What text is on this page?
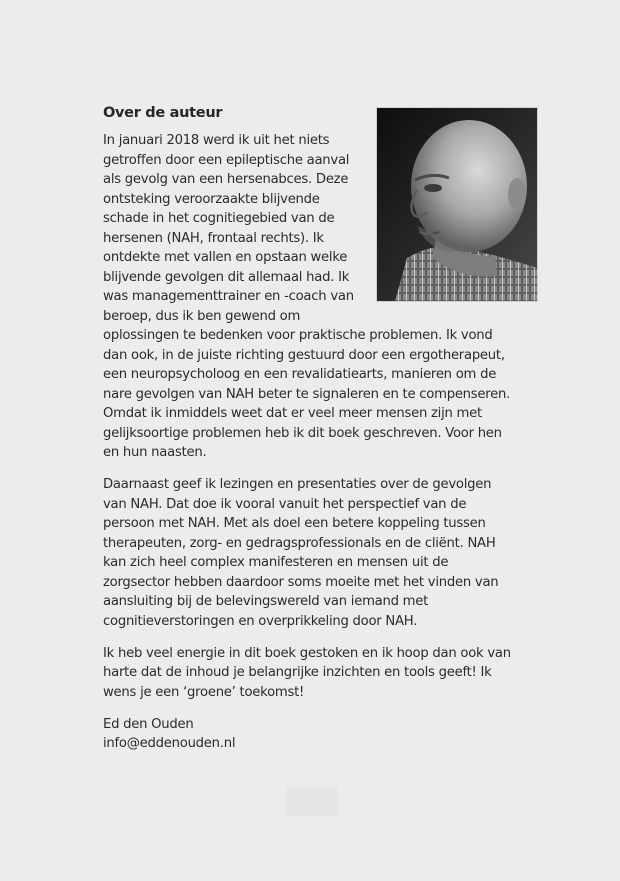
Over de auteur

In januari 2018 werd ik uit het niets getroffen door een epileptische aanval als gevolg van een hersenabces. Deze ontsteking veroorzaakte blijvende schade in het cognitiegebied van de hersenen (NAH, frontaal rechts). Ik ontdekte met vallen en opstaan welke blijvende gevolgen dit allemaal had. Ik was managementtrainer en -coach van beroep, dus ik ben gewend om oplossingen te bedenken voor praktische problemen. Ik vond dan ook, in de juiste richting gestuurd door een ergotherapeut, een neuropsycholoog en een revalidatiearts, manieren om de nare gevolgen van NAH beter te signaleren en te compenseren. Omdat ik inmiddels weet dat er veel meer mensen zijn met gelijksoortige problemen heb ik dit boek geschreven. Voor hen en hun naasten.

Daarnaast geef ik lezingen en presentaties over de gevolgen van NAH. Dat doe ik vooral vanuit het perspectief van de persoon met NAH. Met als doel een betere koppeling tussen therapeuten, zorg- en gedragsprofessionals en de cliënt. NAH kan zich heel complex manifesteren en mensen uit de zorgsector hebben daardoor soms moeite met het vinden van aansluiting bij de belevingswereld van iemand met cognitieverstoringen en overprikkeling door NAH.

Ik heb veel energie in dit boek gestoken en ik hoop dan ook van harte dat de inhoud je belangrijke inzichten en tools geeft! Ik wens je een ‘groene’ toekomst!

Ed den Ouden
info@eddenouden.nl
